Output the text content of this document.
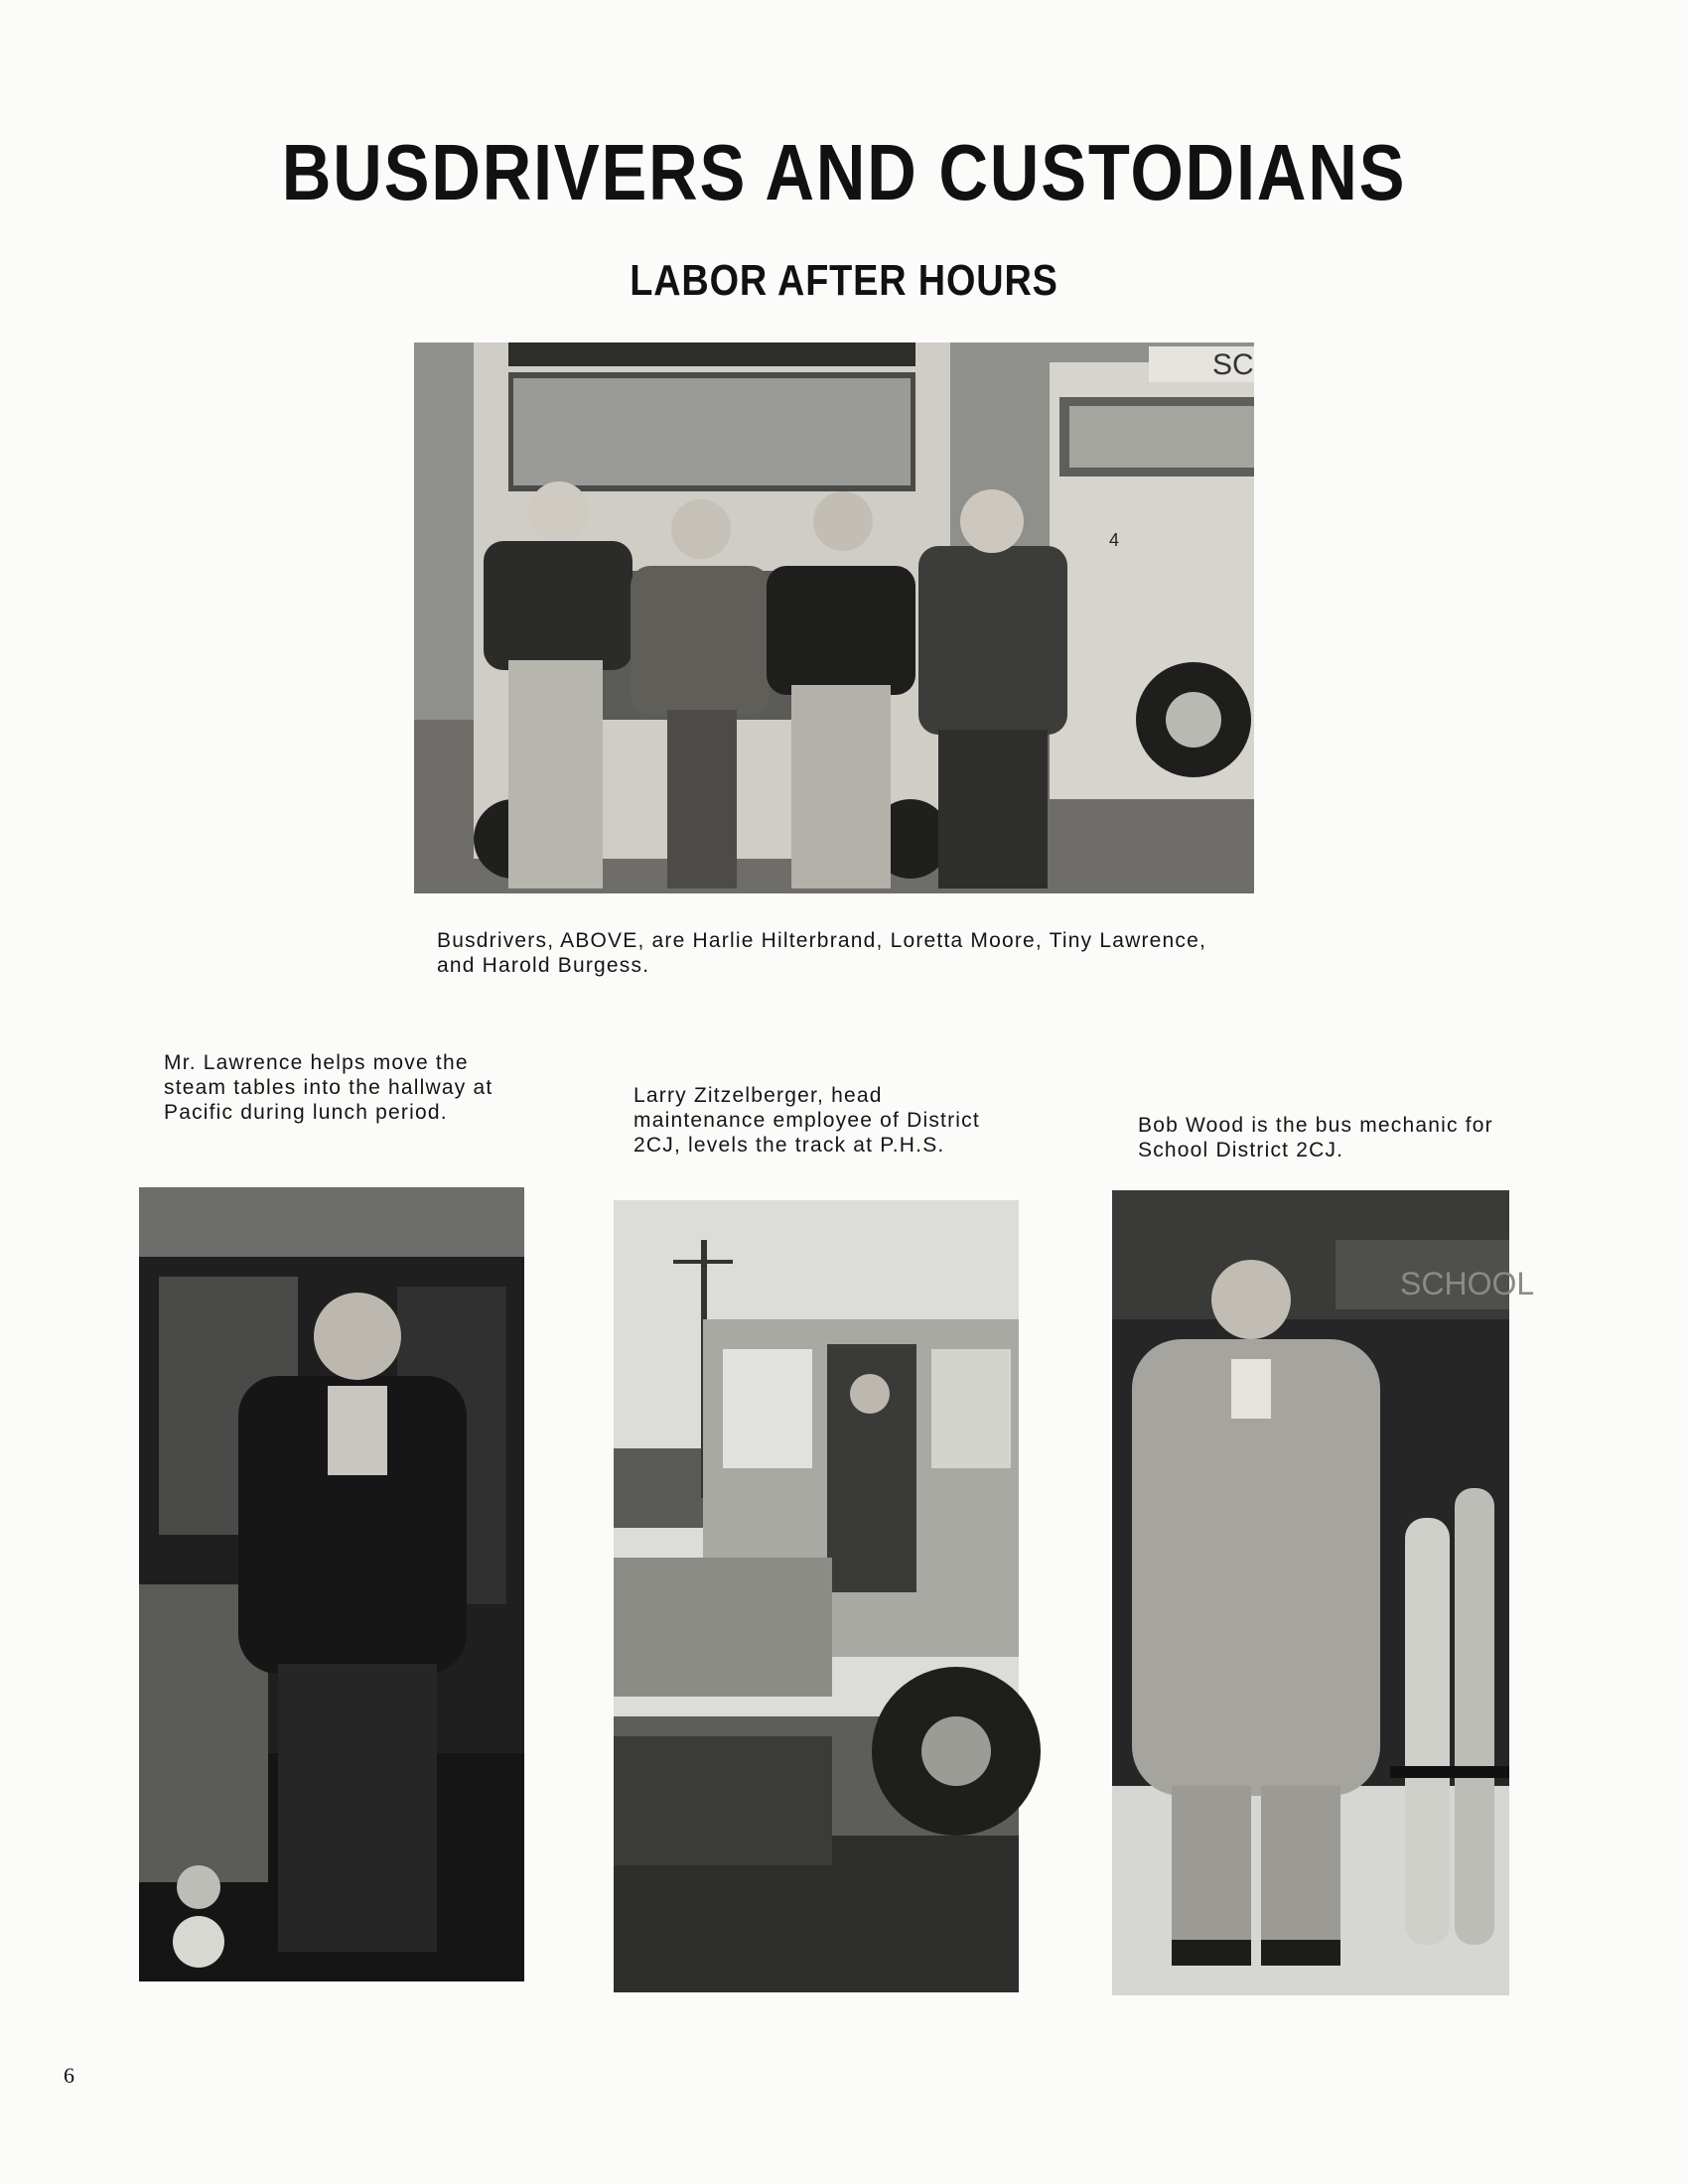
BUSDRIVERS AND CUSTODIANS
LABOR AFTER HOURS
SC
4
Busdrivers, ABOVE, are Harlie Hilterbrand, Loretta Moore, Tiny Lawrence, and Harold Burgess.
Mr. Lawrence helps move the steam tables into the hallway at Pacific during lunch period.
Larry Zitzelberger, head maintenance employee of District 2CJ, levels the track at P.H.S.
Bob Wood is the bus mechanic for School District 2CJ.
SCHOOL
6
